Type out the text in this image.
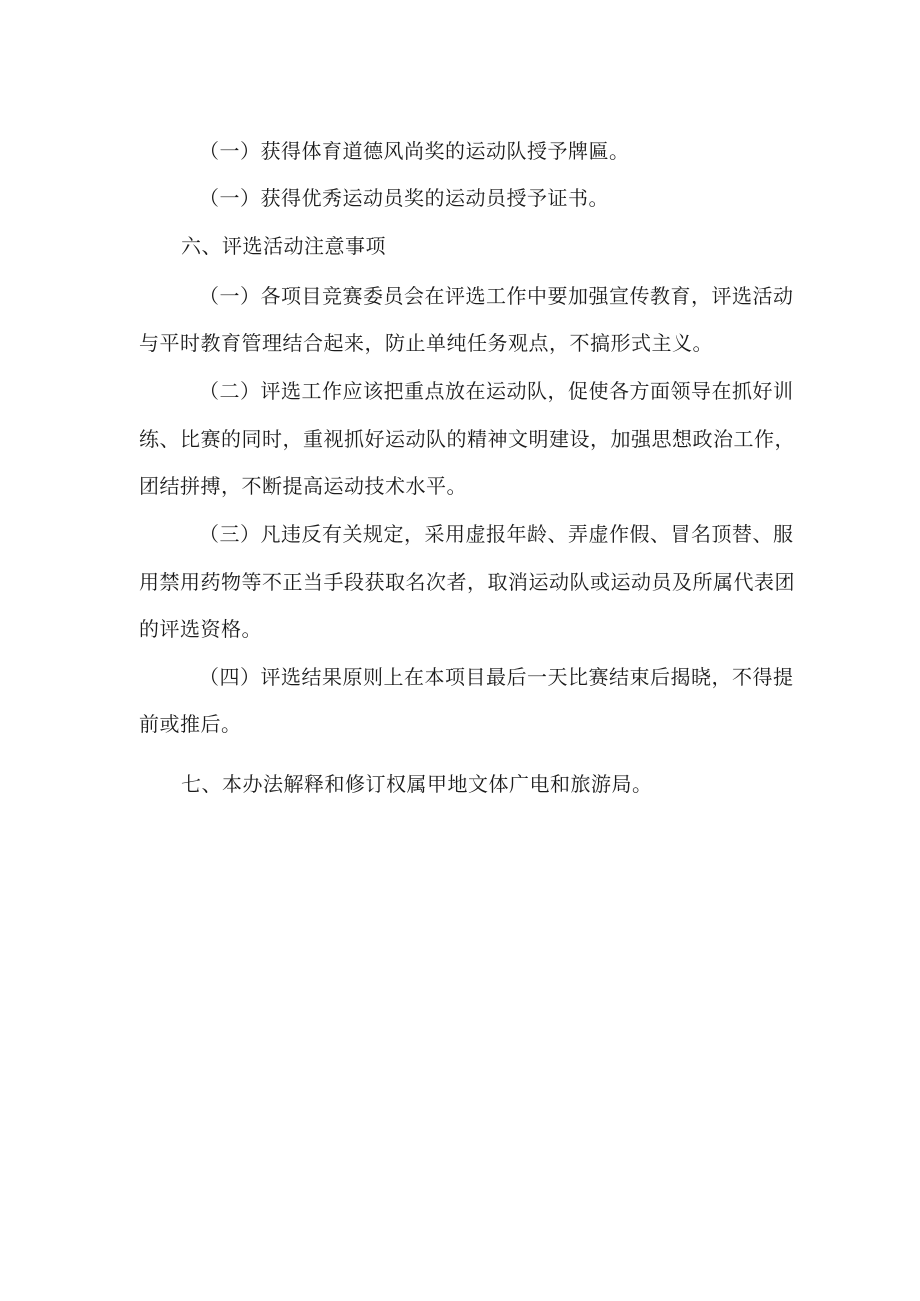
（一）获得体育道德风尚奖的运动队授予牌匾。
（一）获得优秀运动员奖的运动员授予证书。
六、评选活动注意事项
（一）各项目竞赛委员会在评选工作中要加强宣传教育，评选活动
与平时教育管理结合起来，防止单纯任务观点，不搞形式主义。
（二）评选工作应该把重点放在运动队，促使各方面领导在抓好训
练、比赛的同时，重视抓好运动队的精神文明建设，加强思想政治工作，
团结拼搏，不断提高运动技术水平。
（三）凡违反有关规定，采用虚报年龄、弄虚作假、冒名顶替、服
用禁用药物等不正当手段获取名次者，取消运动队或运动员及所属代表团
的评选资格。
（四）评选结果原则上在本项目最后一天比赛结束后揭晓，不得提
前或推后。
七、本办法解释和修订权属甲地文体广电和旅游局。
